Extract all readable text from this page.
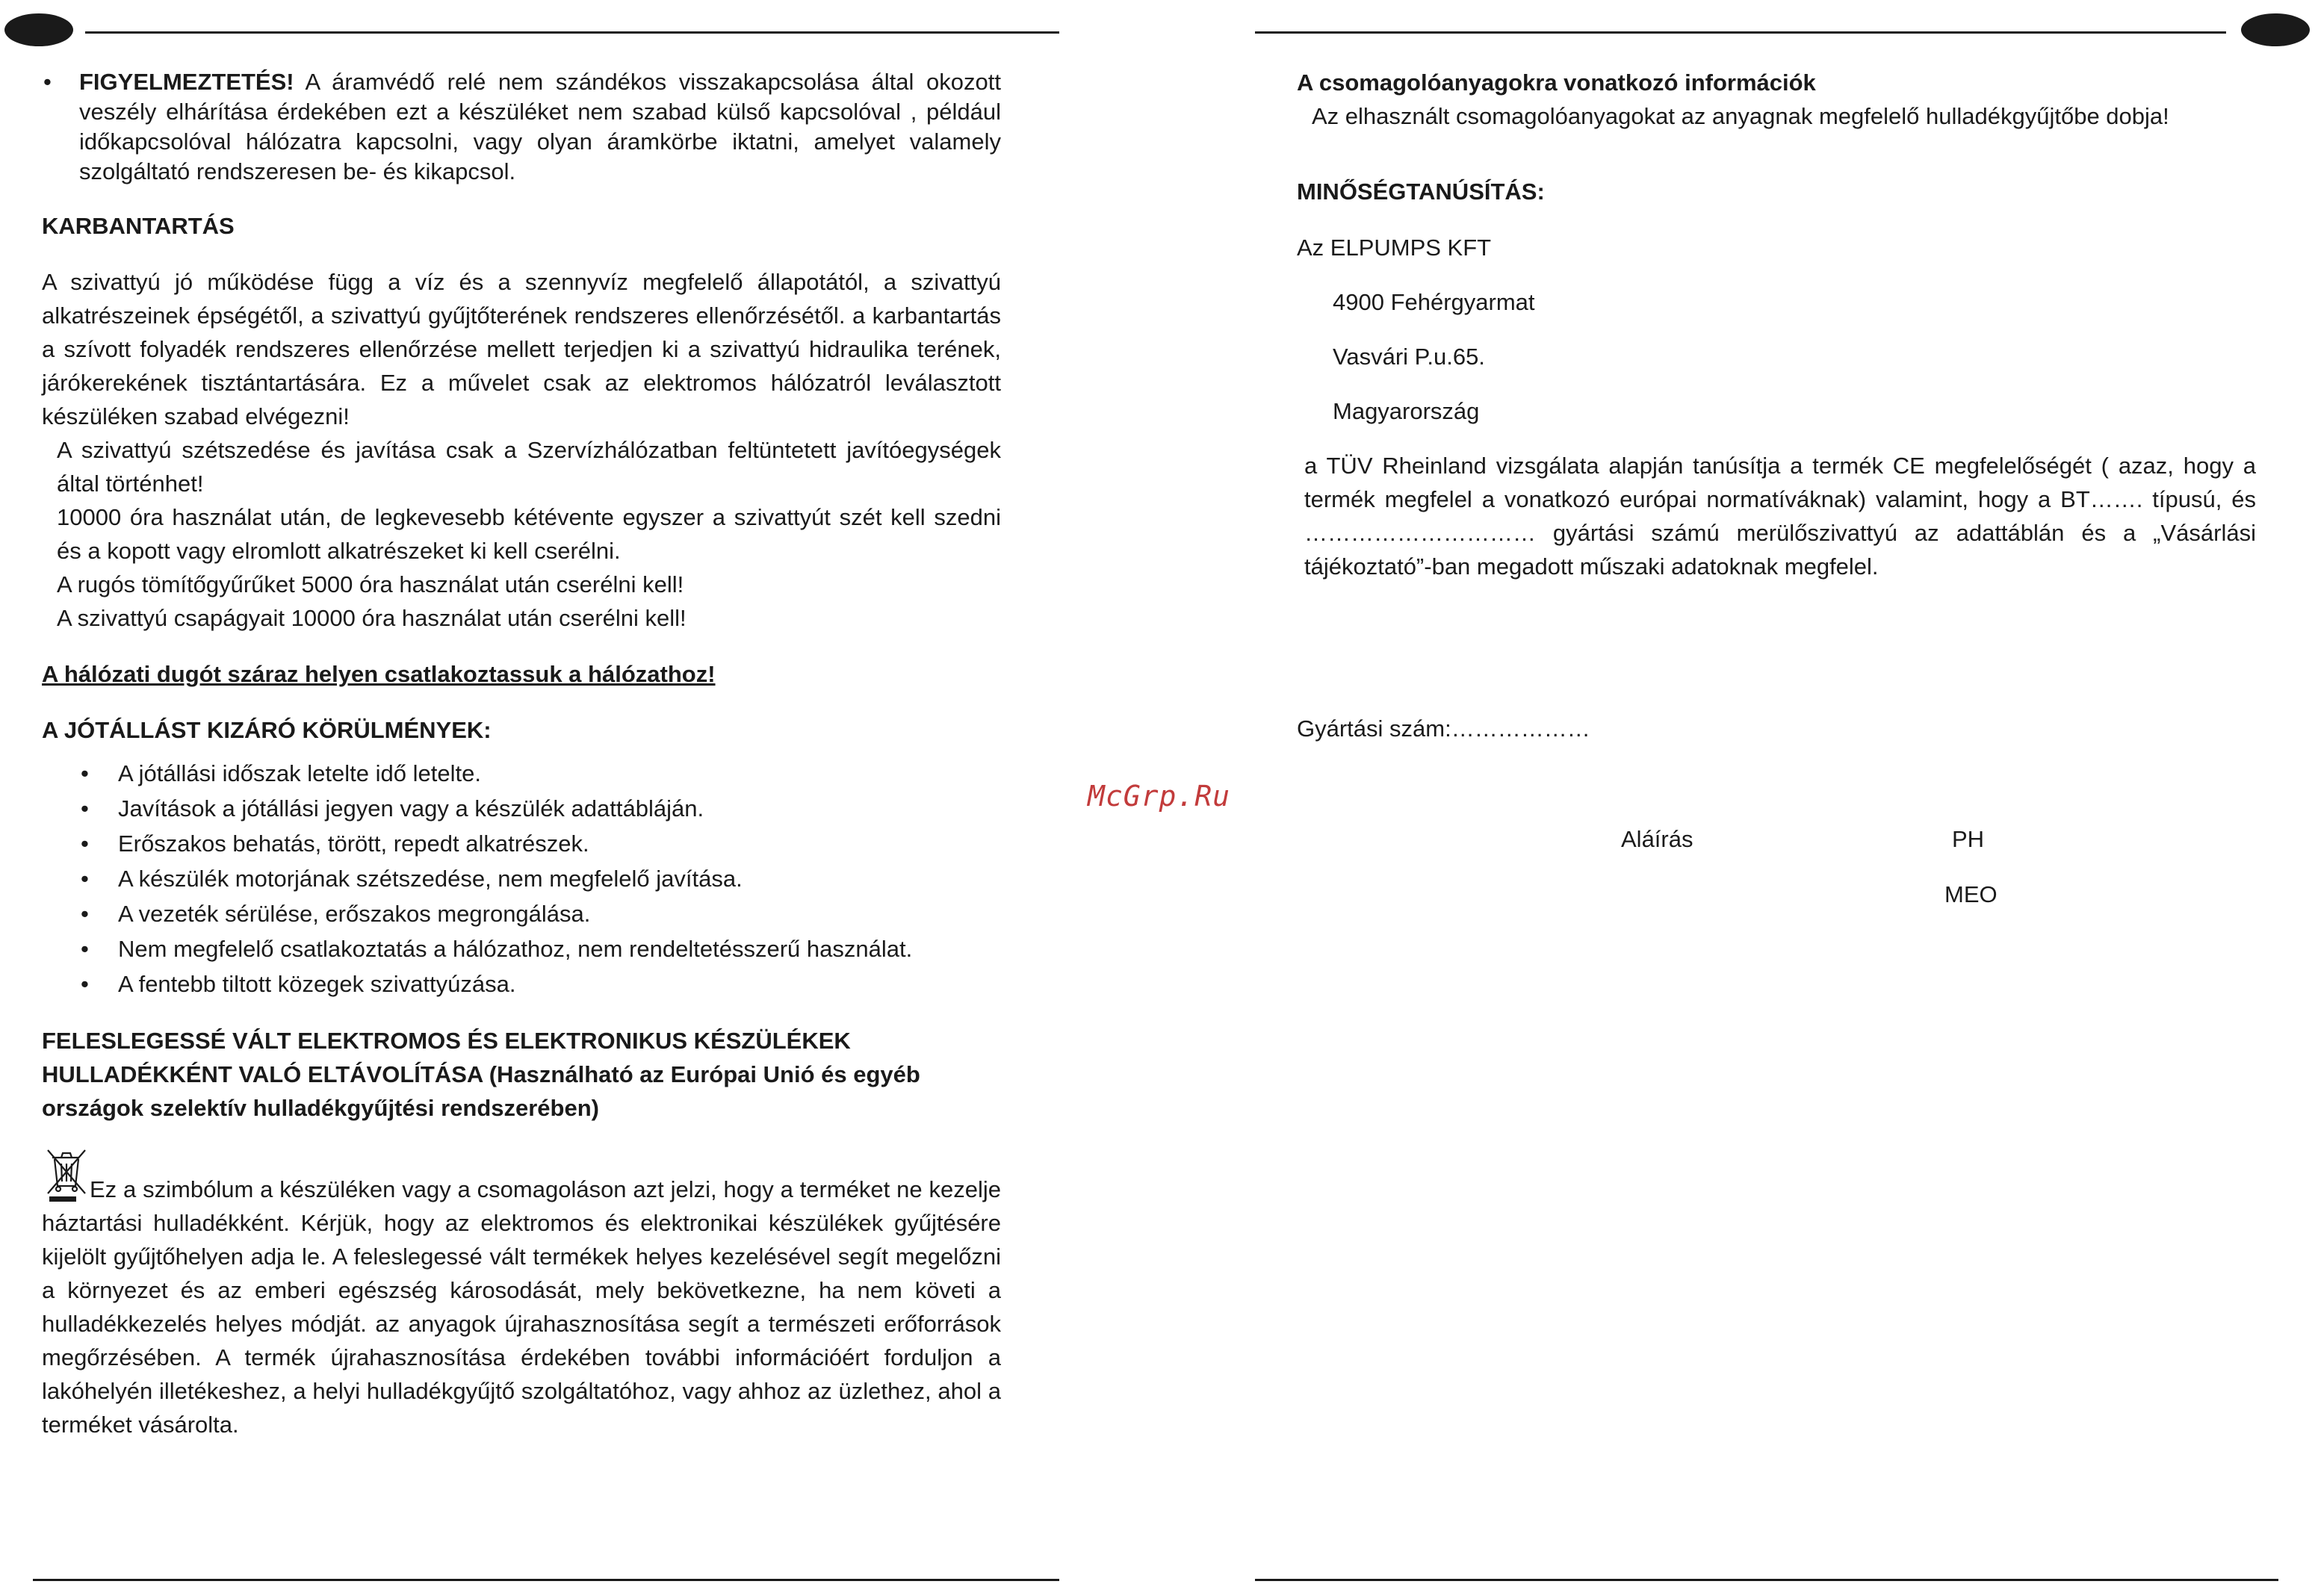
• FIGYELMEZTETÉS! A áramvédő relé nem szándékos visszakapcsolása által okozott veszély elhárítása érdekében ezt a készüléket nem szabad külső kapcsolóval , például időkapcsolóval hálózatra kapcsolni, vagy olyan áramkörbe iktatni, amelyet valamely szolgáltató rendszeresen be- és kikapcsol.

KARBANTARTÁS

A szivattyú jó működése függ a víz és a szennyvíz megfelelő állapotától, a szivattyú alkatrészeinek épségétől, a szivattyú gyűjtőterének rendszeres ellenőrzésétől. a karbantartás a szívott folyadék rendszeres ellenőrzése mellett terjedjen ki a szivattyú hidraulika terének, járókerekének tisztántartására. Ez a művelet csak az elektromos hálózatról leválasztott készüléken szabad elvégezni!

A szivattyú szétszedése és javítása csak a Szervízhálózatban feltüntetett javítóegységek által történhet!

10000 óra használat után, de legkevesebb kétévente egyszer a szivattyút szét kell szedni és a kopott vagy elromlott alkatrészeket ki kell cserélni.

A rugós tömítőgyűrűket 5000 óra használat után cserélni kell!

A szivattyú csapágyait 10000 óra használat után cserélni kell!

A hálózati dugót száraz helyen csatlakoztassuk a hálózathoz!

A JÓTÁLLÁST KIZÁRÓ KÖRÜLMÉNYEK:

• A jótállási időszak letelte idő letelte.
• Javítások a jótállási jegyen vagy a készülék adattábláján.
• Erőszakos behatás, törött, repedt alkatrészek.
• A készülék motorjának szétszedése, nem megfelelő javítása.
• A vezeték sérülése, erőszakos megrongálása.
• Nem megfelelő csatlakoztatás a hálózathoz, nem rendeltetésszerű használat.
• A fentebb tiltott közegek szivattyúzása.

FELESLEGESSÉ VÁLT ELEKTROMOS ÉS ELEKTRONIKUS KÉSZÜLÉKEK HULLADÉKKÉNT VALÓ ELTÁVOLÍTÁSA (Használható az Európai Unió és egyéb országok szelektív hulladékgyűjtési rendszerében)

Ez a szimbólum a készüléken vagy a csomagoláson azt jelzi, hogy a terméket ne kezelje háztartási hulladékként. Kérjük, hogy az elektromos és elektronikai készülékek gyűjtésére kijelölt gyűjtőhelyen adja le. A feleslegessé vált termékek helyes kezelésével segít megelőzni a környezet és az emberi egészség károsodását, mely bekövetkezne, ha nem követi a hulladékkezelés helyes módját. az anyagok újrahasznosítása segít a természeti erőforrások megőrzésében. A termék újrahasznosítása érdekében további információért forduljon a lakóhelyén illetékeshez, a helyi hulladékgyűjtő szolgáltatóhoz, vagy ahhoz az üzlethez, ahol a terméket vásárolta.

McGrp.Ru

A csomagolóanyagokra vonatkozó információk

Az elhasznált csomagolóanyagokat az anyagnak megfelelő hulladékgyűjtőbe dobja!

MINŐSÉGTANÚSÍTÁS:

Az ELPUMPS KFT

4900 Fehérgyarmat

Vasvári P.u.65.

Magyarország

a TÜV Rheinland vizsgálata alapján tanúsítja a termék CE megfelelőségét ( azaz, hogy a termék megfelel a vonatkozó európai normatíváknak) valamint, hogy a BT……. típusú, és ………………………… gyártási számú merülőszivattyú az adattáblán és a „Vásárlási tájékoztató”-ban megadott műszaki adatoknak megfelel.

Gyártási szám:………………
Aláírás	PH
MEO
